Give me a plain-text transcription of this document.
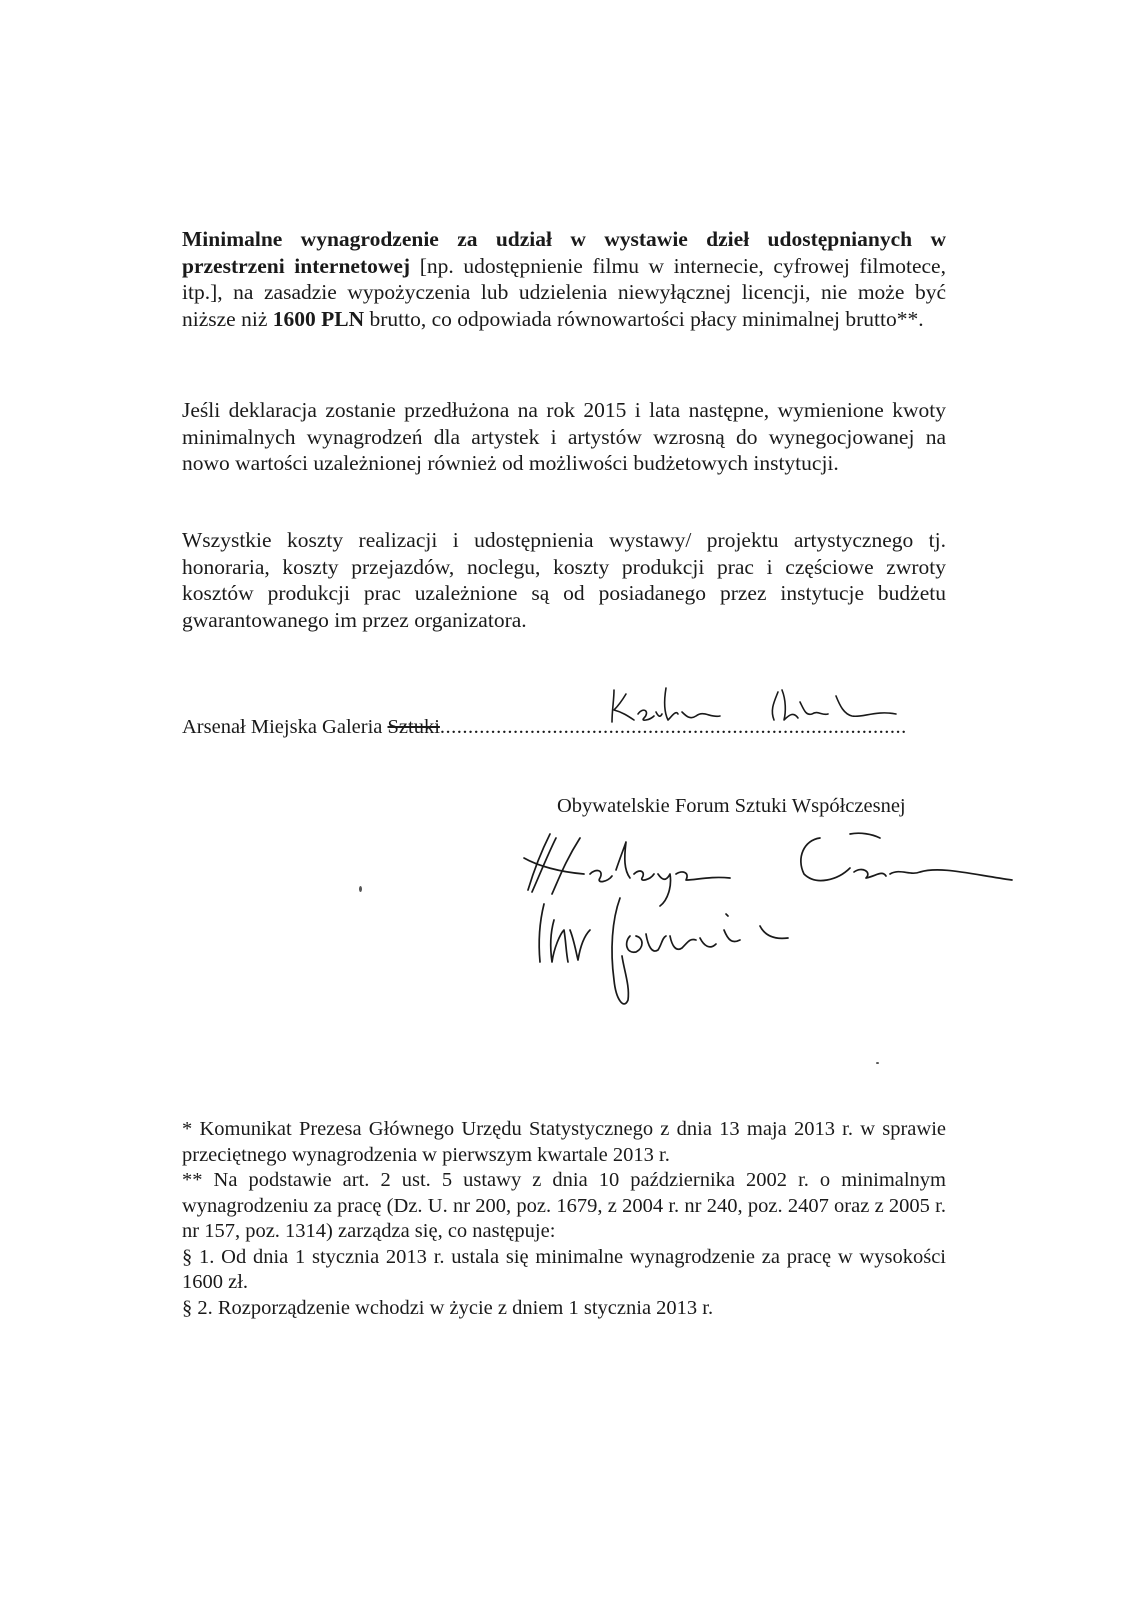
Minimalne wynagrodzenie za udział w wystawie dzieł udostępnianych w przestrzeni internetowej [np. udostępnienie filmu w internecie, cyfrowej filmotece, itp.], na zasadzie wypożyczenia lub udzielenia niewyłącznej licencji, nie może być niższe niż 1600 PLN brutto, co odpowiada równowartości płacy minimalnej brutto**.

Jeśli deklaracja zostanie przedłużona na rok 2015 i lata następne, wymienione kwoty minimalnych wynagrodzeń dla artystek i artystów wzrosną do wynegocjowanej na nowo wartości uzależnionej również od możliwości budżetowych instytucji.

Wszystkie koszty realizacji i udostępnienia wystawy/ projektu artystycznego tj. honoraria, koszty przejazdów, noclegu, koszty produkcji prac i częściowe zwroty kosztów produkcji prac uzależnione są od posiadanego przez instytucje budżetu gwarantowanego im przez organizatora.

Arsenał Miejska Galeria Sztuki...................................................................................
Obywatelskie Forum Sztuki Współczesnej

* Komunikat Prezesa Głównego Urzędu Statystycznego z dnia 13 maja 2013 r. w sprawie przeciętnego wynagrodzenia w pierwszym kwartale 2013 r.

** Na podstawie art. 2 ust. 5 ustawy z dnia 10 października 2002 r. o minimalnym wynagrodzeniu za pracę (Dz. U. nr 200, poz. 1679, z 2004 r. nr 240, poz. 2407 oraz z 2005 r. nr 157, poz. 1314) zarządza się, co następuje:

§ 1. Od dnia 1 stycznia 2013 r. ustala się minimalne wynagrodzenie za pracę w wysokości 1600 zł.

§ 2. Rozporządzenie wchodzi w życie z dniem 1 stycznia 2013 r.
